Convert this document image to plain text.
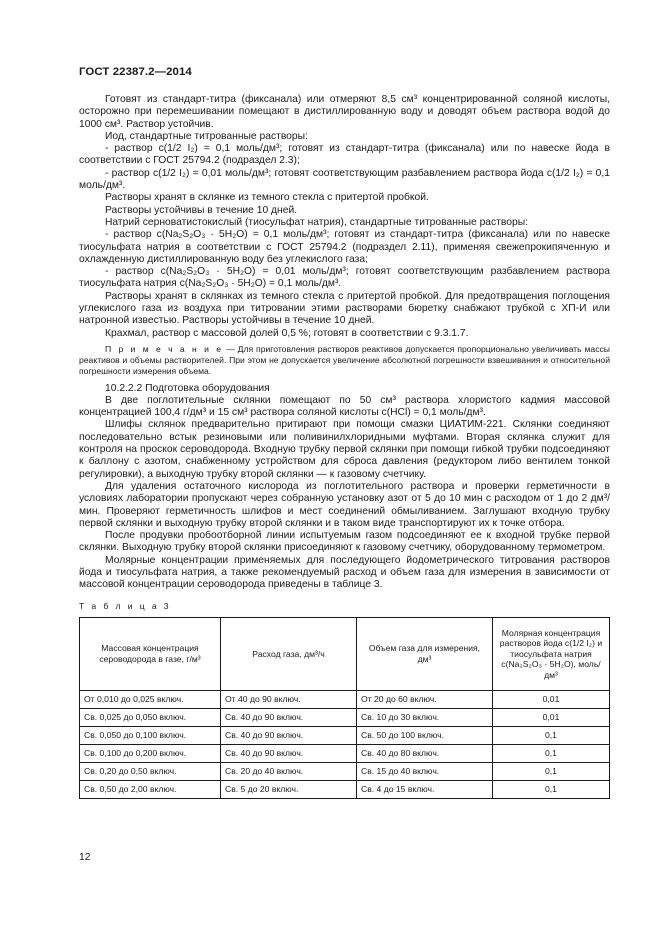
ГОСТ 22387.2—2014

Готовят из стандарт-титра (фиксанала) или отмеряют 8,5 см³ концентрированной соляной кислоты, осторожно при перемешивании помещают в дистиллированную воду и доводят объем раствора водой до 1000 см³. Раствор устойчив.

Иод, стандартные титрованные растворы:

- раствор c(1/2 I₂) = 0,1 моль/дм³; готовят из стандарт-титра (фиксанала) или по навеске йода в соответствии с ГОСТ 25794.2 (подраздел 2.3);

- раствор c(1/2 I₂) = 0,01 моль/дм³; готовят соответствующим разбавлением раствора йода c(1/2 I₂) = 0,1 моль/дм³.

Растворы хранят в склянке из темного стекла с притертой пробкой.

Растворы устойчивы в течение 10 дней.

Натрий серноватистокислый (тиосульфат натрия), стандартные титрованные растворы:

- раствор c(Na₂S₂O₃ · 5H₂O) = 0,1 моль/дм³; готовят из стандарт-титра (фиксанала) или по навеске тиосульфата натрия в соответствии с ГОСТ 25794.2 (подраздел 2.11), применяя свежепрокипяченную и охлажденную дистиллированную воду без углекислого газа;

- раствор c(Na₂S₂O₃ · 5H₂O) = 0,01 моль/дм³; готовят соответствующим разбавлением раствора тиосульфата натрия c(Na₂S₂O₃ · 5H₂O) = 0,1 моль/дм³.

Растворы хранят в склянках из темного стекла с притертой пробкой. Для предотвращения поглощения углекислого газа из воздуха при титровании этими растворами бюретку снабжают трубкой с ХП-И или натронной известью. Растворы устойчивы в течение 10 дней.

Крахмал, раствор с массовой долей 0,5 %; готовят в соответствии с 9.3.1.7.

П р и м е ч а н и е — Для приготовления растворов реактивов допускается пропорционально увеличивать массы реактивов и объемы растворителей. При этом не допускается увеличение абсолютной погрешности взвешивания и относительной погрешности измерения объема.

10.2.2.2 Подготовка оборудования

В две поглотительные склянки помещают по 50 см³ раствора хлористого кадмия массовой концентрацией 100,4 г/дм³ и 15 см³ раствора соляной кислоты с(HCl) = 0,1 моль/дм³.

Шлифы склянок предварительно притирают при помощи смазки ЦИАТИМ-221. Склянки соединяют последовательно встык резиновыми или поливинилхлоридными муфтами. Вторая склянка служит для контроля на проскок сероводорода. Входную трубку первой склянки при помощи гибкой трубки подсоединяют к баллону с азотом, снабженному устройством для сброса давления (редуктором либо вентилем тонкой регулировки), а выходную трубку второй склянки — к газовому счетчику.

Для удаления остаточного кислорода из поглотительного раствора и проверки герметичности в условиях лаборатории пропускают через собранную установку азот от 5 до 10 мин с расходом от 1 до 2 дм³/мин. Проверяют герметичность шлифов и мест соединений обмыливанием. Заглушают входную трубку первой склянки и выходную трубку второй склянки и в таком виде транспортируют их к точке отбора.

После продувки пробоотборной линии испытуемым газом подсоединяют ее к входной трубке первой склянки. Выходную трубку второй склянки присоединяют к газовому счетчику, оборудованному термометром.

Молярные концентрации применяемых для последующего йодометрического титрования растворов йода и тиосульфата натрия, а также рекомендуемый расход и объем газа для измерения в зависимости от массовой концентрации сероводорода приведены в таблице 3.

Т а б л и ц а 3
Массовая концентрация сероводорода в газе, г/м³	Расход газа, дм³/ч	Объем газа для измерения, дм³	Молярная концентрация растворов йода c(1/2 I₂) и тиосульфата натрия c(Na₂S₂O₃ · 5H₂O), моль/дм³
От 0,010 до 0,025 включ.	От 40 до 90 включ.	От 20 до 60 включ.	0,01
Св. 0,025 до 0,050 включ.	Св. 40 до 90 включ.	Св. 10 до 30 включ.	0,01
Св. 0,050 до 0,100 включ.	Св. 40 до 90 включ.	Св. 50 до 100 включ.	0,1
Св. 0,100 до 0,200 включ.	Св. 40 до 90 включ.	Св. 40 до 80 включ.	0,1
Св. 0,20 до 0,50 включ.	Св. 20 до 40 включ.	Св. 15 до 40 включ.	0,1
Св. 0,50 до 2,00 включ.	Св. 5 до 20 включ.	Св. 4 до 15 включ.	0,1
12
